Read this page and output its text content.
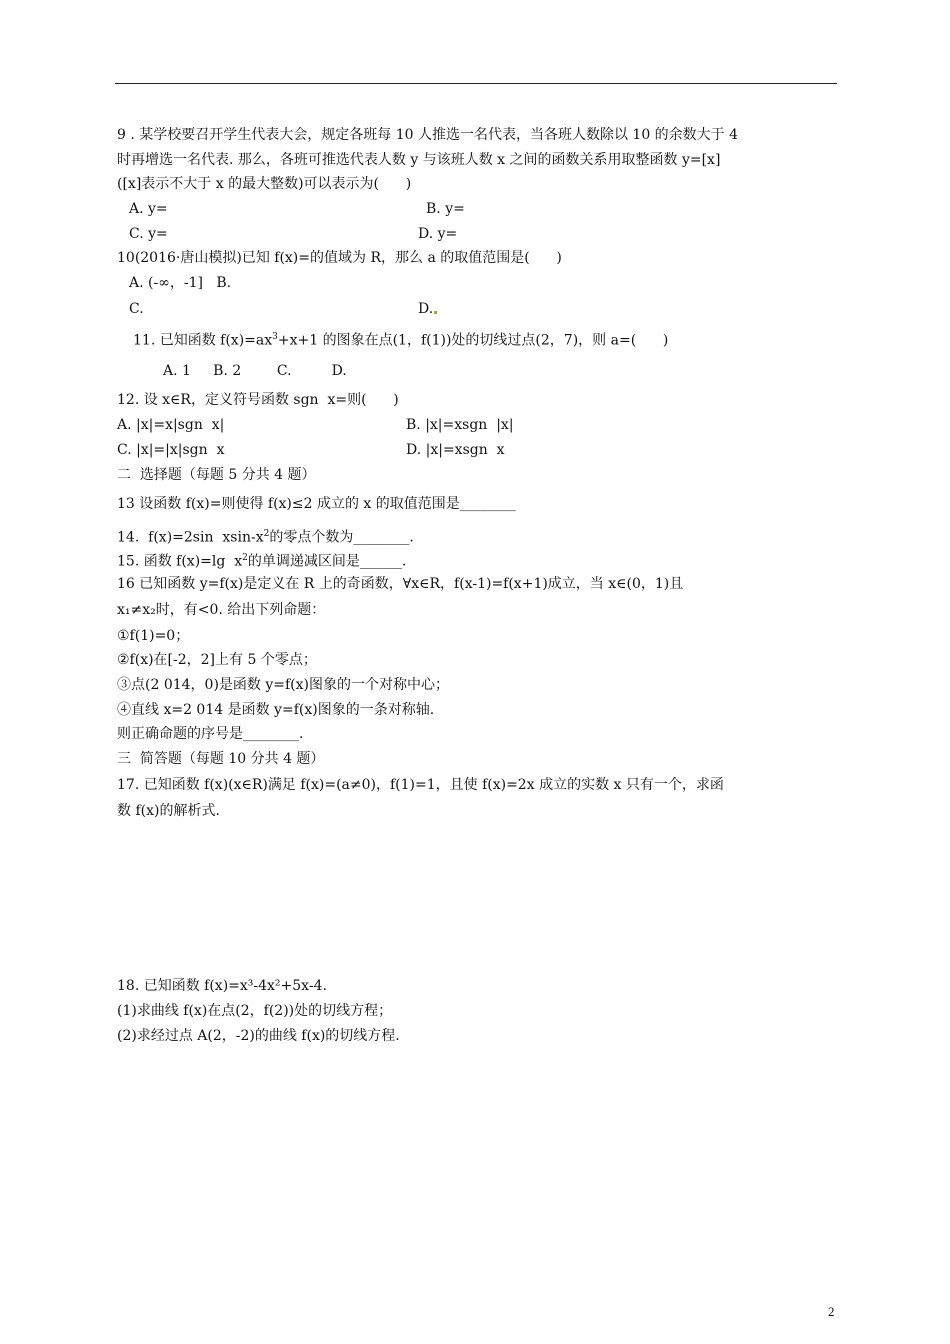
9 . 某学校要召开学生代表大会，规定各班每 10 人推选一名代表，当各班人数除以 10 的余数大于 4
时再增选一名代表. 那么，各班可推选代表人数 y 与该班人数 x 之间的函数关系用取整函数 y=[x]
([x]表示不大于 x 的最大整数)可以表示为(      )
A. y=	B. y=
C. y=	D. y=
10(2016·唐山模拟)已知 f(x)=的值域为 R，那么 a 的取值范围是(      )
A. (-∞，-1]   B.
C.	D.
11. 已知函数 $f(x)=ax^3+x+1$ 的图象在点(1，f(1))处的切线过点(2，7)，则 a=(      )
A. 1     B. 2        C.         D.
12. 设 x∈R，定义符号函数 sgn  x=则(      )
A. |x|=x|sgn  x|	B. |x|=xsgn  |x|
C. |x|=|x|sgn  x	D. |x|=xsgn  x
二  选择题（每题 5 分共 4 题）
13 设函数 f(x)=则使得 f(x)≤2 成立的 x 的取值范围是________
14.  f(x)=2sin  xsin-$x^2$的零点个数为________.
15. 函数 f(x)=lg  $x^2$的单调递减区间是______.
16 已知函数 y=f(x)是定义在 R 上的奇函数，∀x∈R，f(x-1)=f(x+1)成立，当 x∈(0，1)且
x₁≠x₂时，有<0. 给出下列命题：
①f(1)=0；
②f(x)在[-2，2]上有 5 个零点；
③点(2 014，0)是函数 y=f(x)图象的一个对称中心；
④直线 x=2 014 是函数 y=f(x)图象的一条对称轴.
则正确命题的序号是________.
三  简答题（每题 10 分共 4 题）
17. 已知函数 f(x)(x∈R)满足 f(x)=(a≠0)，f(1)=1，且使 f(x)=2x 成立的实数 x 只有一个，求函
数 f(x)的解析式.
18. 已知函数 f(x)=x³-4x²+5x-4.
(1)求曲线 f(x)在点(2，f(2))处的切线方程；
(2)求经过点 A(2，-2)的曲线 f(x)的切线方程.
2
